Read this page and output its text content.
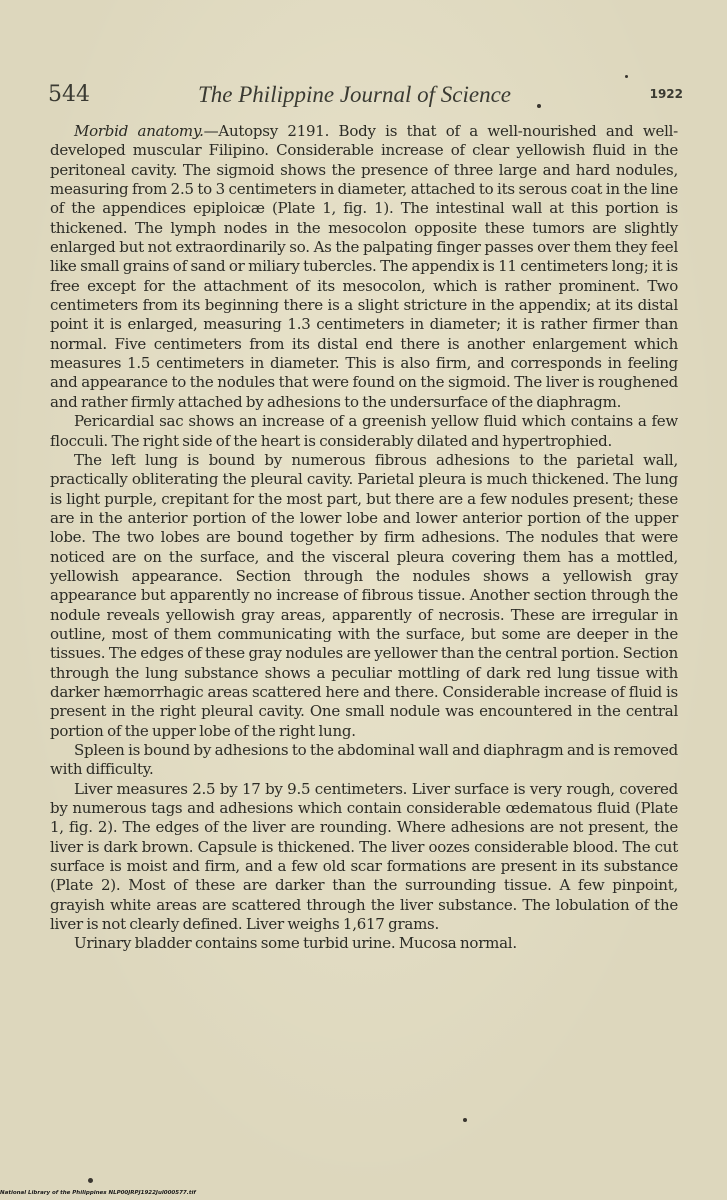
544	The Philippine Journal of Science	1922

Morbid anatomy.—Autopsy 2191. Body is that of a well-nourished and well-developed muscular Filipino. Considerable increase of clear yellowish fluid in the peritoneal cavity. The sigmoid shows the presence of three large and hard nodules, measuring from 2.5 to 3 centimeters in diameter, attached to its serous coat in the line of the appendices epiploicæ (Plate 1, fig. 1). The intestinal wall at this portion is thickened. The lymph nodes in the mesocolon opposite these tumors are slightly enlarged but not extraordinarily so. As the palpating finger passes over them they feel like small grains of sand or miliary tubercles. The appendix is 11 centimeters long; it is free except for the attachment of its mesocolon, which is rather prominent. Two centimeters from its beginning there is a slight stricture in the appendix; at its distal point it is enlarged, measuring 1.3 centimeters in diameter; it is rather firmer than normal. Five centimeters from its distal end there is another enlargement which measures 1.5 centimeters in diameter. This is also firm, and corresponds in feeling and appearance to the nodules that were found on the sigmoid. The liver is roughened and rather firmly attached by adhesions to the undersurface of the diaphragm.

Pericardial sac shows an increase of a greenish yellow fluid which contains a few flocculi. The right side of the heart is considerably dilated and hypertrophied.

The left lung is bound by numerous fibrous adhesions to the parietal wall, practically obliterating the pleural cavity. Parietal pleura is much thickened. The lung is light purple, crepitant for the most part, but there are a few nodules present; these are in the anterior portion of the lower lobe and lower anterior portion of the upper lobe. The two lobes are bound together by firm adhesions. The nodules that were noticed are on the surface, and the visceral pleura covering them has a mottled, yellowish appearance. Section through the nodules shows a yellowish gray appearance but apparently no increase of fibrous tissue. Another section through the nodule reveals yellowish gray areas, apparently of necrosis. These are irregular in outline, most of them communicating with the surface, but some are deeper in the tissues. The edges of these gray nodules are yellower than the central portion. Section through the lung substance shows a peculiar mottling of dark red lung tissue with darker hæmorrhagic areas scattered here and there. Considerable increase of fluid is present in the right pleural cavity. One small nodule was encountered in the central portion of the upper lobe of the right lung.

Spleen is bound by adhesions to the abdominal wall and diaphragm and is removed with difficulty.

Liver measures 2.5 by 17 by 9.5 centimeters. Liver surface is very rough, covered by numerous tags and adhesions which contain considerable œdematous fluid (Plate 1, fig. 2). The edges of the liver are rounding. Where adhesions are not present, the liver is dark brown. Capsule is thickened. The liver oozes considerable blood. The cut surface is moist and firm, and a few old scar formations are present in its substance (Plate 2). Most of these are darker than the surrounding tissue. A few pinpoint, grayish white areas are scattered through the liver substance. The lobulation of the liver is not clearly defined. Liver weighs 1,617 grams.

Urinary bladder contains some turbid urine. Mucosa normal.

National Library of the Philippines NLP00JRPJ1922Jul000577.tif
